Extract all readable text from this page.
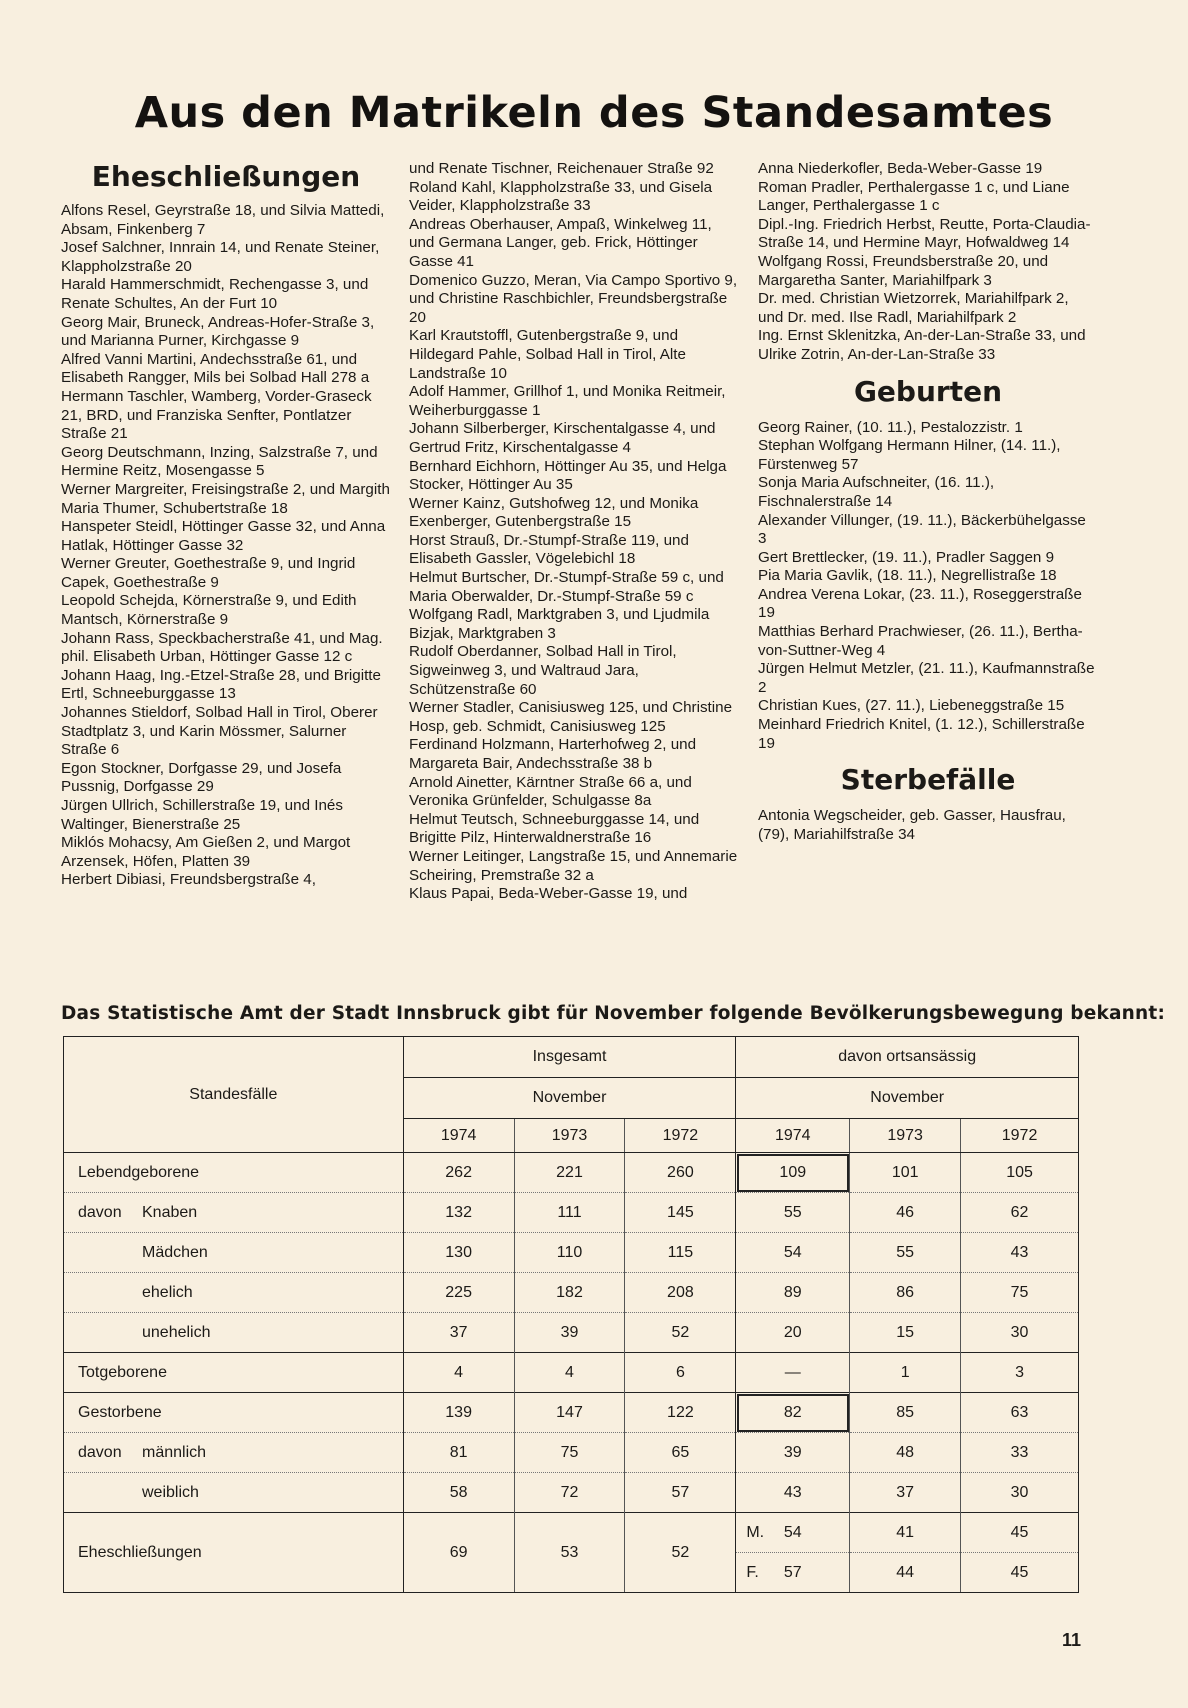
Aus den Matrikeln des Standesamtes
Eheschließungen
Alfons Resel, Geyrstraße 18, und Silvia Mattedi, Absam, Finkenberg 7
Josef Salchner, Innrain 14, und Renate Steiner, Klappholzstraße 20
Harald Hammerschmidt, Rechengasse 3, und Renate Schultes, An der Furt 10
Georg Mair, Bruneck, Andreas-Hofer-Straße 3, und Marianna Purner, Kirchgasse 9
Alfred Vanni Martini, Andechsstraße 61, und Elisabeth Rangger, Mils bei Solbad Hall 278 a
Hermann Taschler, Wamberg, Vorder-Graseck 21, BRD, und Franziska Senfter, Pontlatzer Straße 21
Georg Deutschmann, Inzing, Salzstraße 7, und Hermine Reitz, Mosengasse 5
Werner Margreiter, Freisingstraße 2, und Margith Maria Thumer, Schubertstraße 18
Hanspeter Steidl, Höttinger Gasse 32, und Anna Hatlak, Höttinger Gasse 32
Werner Greuter, Goethestraße 9, und Ingrid Capek, Goethestraße 9
Leopold Schejda, Körnerstraße 9, und Edith Mantsch, Körnerstraße 9
Johann Rass, Speckbacherstraße 41, und Mag. phil. Elisabeth Urban, Höttinger Gasse 12 c
Johann Haag, Ing.-Etzel-Straße 28, und Brigitte Ertl, Schneeburggasse 13
Johannes Stieldorf, Solbad Hall in Tirol, Oberer Stadtplatz 3, und Karin Mössmer, Salurner Straße 6
Egon Stockner, Dorfgasse 29, und Josefa Pussnig, Dorfgasse 29
Jürgen Ullrich, Schillerstraße 19, und Inés Waltinger, Bienerstraße 25
Miklós Mohacsy, Am Gießen 2, und Margot Arzensek, Höfen, Platten 39
Herbert Dibiasi, Freundsbergstraße 4,
und Renate Tischner, Reichenauer Straße 92
Roland Kahl, Klappholzstraße 33, und Gisela Veider, Klappholzstraße 33
Andreas Oberhauser, Ampaß, Winkelweg 11, und Germana Langer, geb. Frick, Höttinger Gasse 41
Domenico Guzzo, Meran, Via Campo Sportivo 9, und Christine Raschbichler, Freundsbergstraße 20
Karl Krautstoffl, Gutenbergstraße 9, und Hildegard Pahle, Solbad Hall in Tirol, Alte Landstraße 10
Adolf Hammer, Grillhof 1, und Monika Reitmeir, Weiherburggasse 1
Johann Silberberger, Kirschentalgasse 4, und Gertrud Fritz, Kirschentalgasse 4
Bernhard Eichhorn, Höttinger Au 35, und Helga Stocker, Höttinger Au 35
Werner Kainz, Gutshofweg 12, und Monika Exenberger, Gutenbergstraße 15
Horst Strauß, Dr.-Stumpf-Straße 119, und Elisabeth Gassler, Vögelebichl 18
Helmut Burtscher, Dr.-Stumpf-Straße 59 c, und Maria Oberwalder, Dr.-Stumpf-Straße 59 c
Wolfgang Radl, Marktgraben 3, und Ljudmila Bizjak, Marktgraben 3
Rudolf Oberdanner, Solbad Hall in Tirol, Sigweinweg 3, und Waltraud Jara, Schützenstraße 60
Werner Stadler, Canisiusweg 125, und Christine Hosp, geb. Schmidt, Canisiusweg 125
Ferdinand Holzmann, Harterhofweg 2, und Margareta Bair, Andechsstraße 38 b
Arnold Ainetter, Kärntner Straße 66 a, und Veronika Grünfelder, Schulgasse 8a
Helmut Teutsch, Schneeburggasse 14, und Brigitte Pilz, Hinterwaldnerstraße 16
Werner Leitinger, Langstraße 15, und Annemarie Scheiring, Premstraße 32 a
Klaus Papai, Beda-Weber-Gasse 19, und
Anna Niederkofler, Beda-Weber-Gasse 19
Roman Pradler, Perthalergasse 1 c, und Liane Langer, Perthalergasse 1 c
Dipl.-Ing. Friedrich Herbst, Reutte, Porta-Claudia-Straße 14, und Hermine Mayr, Hofwaldweg 14
Wolfgang Rossi, Freundsberstraße 20, und Margaretha Santer, Mariahilfpark 3
Dr. med. Christian Wietzorrek, Mariahilfpark 2, und Dr. med. Ilse Radl, Mariahilfpark 2
Ing. Ernst Sklenitzka, An-der-Lan-Straße 33, und Ulrike Zotrin, An-der-Lan-Straße 33
Geburten
Georg Rainer, (10. 11.), Pestalozzistr. 1
Stephan Wolfgang Hermann Hilner, (14. 11.), Fürstenweg 57
Sonja Maria Aufschneiter, (16. 11.), Fischnalerstraße 14
Alexander Villunger, (19. 11.), Bäckerbühelgasse 3
Gert Brettlecker, (19. 11.), Pradler Saggen 9
Pia Maria Gavlik, (18. 11.), Negrellistraße 18
Andrea Verena Lokar, (23. 11.), Roseggerstraße 19
Matthias Berhard Prachwieser, (26. 11.), Bertha-von-Suttner-Weg 4
Jürgen Helmut Metzler, (21. 11.), Kaufmannstraße 2
Christian Kues, (27. 11.), Liebeneggstraße 15
Meinhard Friedrich Knitel, (1. 12.), Schillerstraße 19
Sterbefälle
Antonia Wegscheider, geb. Gasser, Hausfrau, (79), Mariahilfstraße 34
Das Statistische Amt der Stadt Innsbruck gibt für November folgende Bevölkerungsbewegung bekannt:
Standesfälle	Insgesamt			davon ortsansässig		
	November			November		
	1974	1973	1972	1974	1973	1972
Lebendgeborene	262	221	260	109	101	105
davon Knaben	132	111	145	55	46	62
Mädchen	130	110	115	54	55	43
ehelich	225	182	208	89	86	75
unehelich	37	39	52	20	15	30
Totgeborene	4	4	6	—	1	3
Gestorbene	139	147	122	82	85	63
davon männlich	81	75	65	39	48	33
weiblich	58	72	57	43	37	30
Eheschließungen	69	53	52	M. 54	41	45

				F. 57	44	45
11
